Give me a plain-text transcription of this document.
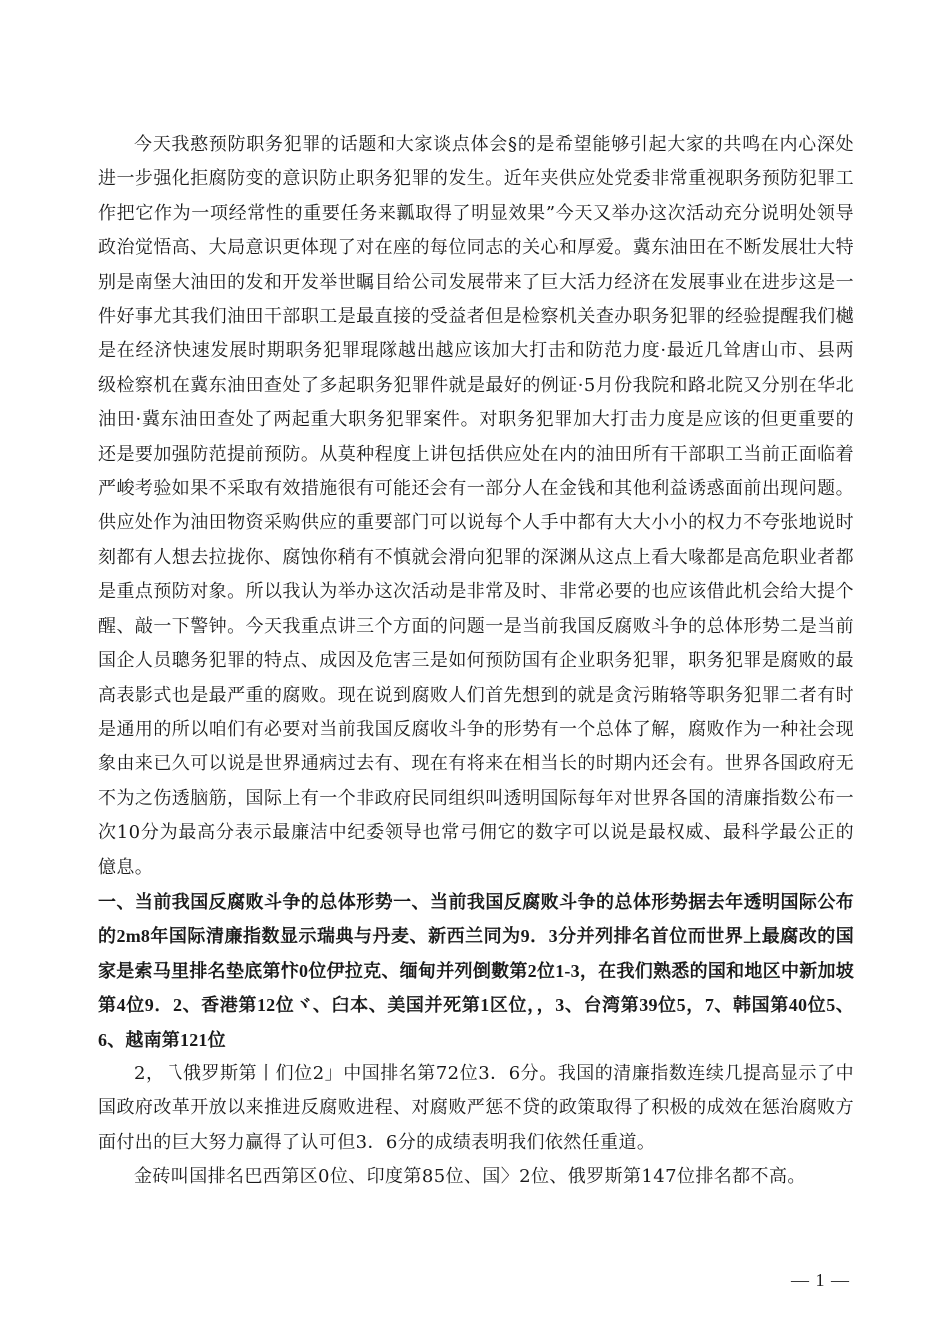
今天我憨预防职务犯罪的话题和大家谈点体会§的是希望能够引起大家的共鸣在内心深处进一步强化拒腐防变的意识防止职务犯罪的发生。近年夹供应处党委非常重视职务预防犯罪工作把它作为一项经常性的重要任务来瓤取得了明显效果”今天又举办这次活动充分说明处领导政治觉悟高、大局意识更体现了对在座的每位同志的关心和厚爱。冀东油田在不断发展壮大特别是南堡大油田的发和开发举世瞩目给公司发展带来了巨大活力经济在发展事业在进步这是一件好事尤其我们油田干部职工是最直接的受益者但是检察机关查办职务犯罪的经验提醒我们樾是在经济快速发展时期职务犯罪琨隊越出越应该加大打击和防范力度·最近几耸唐山市、县两级检察机在冀东油田查处了多起职务犯罪件就是最好的例证·5月份我院和路北院又分别在华北油田·冀东油田查处了两起重大职务犯罪案件。对职务犯罪加大打击力度是应该的但更重要的还是要加强防范提前预防。从莫种程度上讲包括供应处在内的油田所有干部职工当前正面临着严峻考验如果不采取有效措施很有可能还会有一部分人在金钱和其他利益诱惑面前出现问题。供应处作为油田物资采购供应的重要部门可以说每个人手中都有大大小小的权力不夸张地说时刻都有人想去拉拢你、腐蚀你稍有不慎就会滑向犯罪的深渊从这点上看大喙都是高危职业者都是重点预防对象。所以我认为举办这次活动是非常及时、非常必要的也应该借此机会给大提个醒、敲一下警钟。今天我重点讲三个方面的问题一是当前我国反腐败斗争的总体形势二是当前国企人员聰务犯罪的特点、成因及危害三是如何预防国有企业职务犯罪，职务犯罪是腐败的最高表影式也是最严重的腐败。现在说到腐败人们首先想到的就是贪污賄辂等职务犯罪二者有时是通用的所以咱们有必要对当前我国反腐收斗争的形势有一个总体了解，腐败作为一种社会现象由来已久可以说是世界通病过去有、现在有将来在相当长的时期内还会有。世界各国政府无不为之伤透脑筋，国际上有一个非政府民同组织叫透明国际每年对世界各国的清廉指数公布一次10分为最高分表示最廉洁中纪委领导也常弓佣它的数字可以说是最权威、最科学最公正的億息。

一、当前我国反腐败斗争的总体形势一、当前我国反腐败斗争的总体形势据去年透明国际公布的2m8年国际清廉指数显示瑞典与丹麦、新西兰同为9．3分并列排名首位而世界上最腐改的国家是索马里排名垫底第忭0位伊拉克、缅甸并列倒數第2位1-3，在我们熟悉的国和地区中新加坡第4位9．2、香港第12位ヾ、臼本、美国并死第1区位，，3、台湾第39位5，7、韩国第40位5、6、越南第121位

2，乁俄罗斯第丨们位2」中国排名第72位3．6分。我国的清廉指数连续几提高显示了中国政府改革开放以来推进反腐败进程、对腐败严惩不贷的政策取得了积极的成效在惩治腐败方面付出的巨大努力赢得了认可但3．6分的成绩表明我们依然任重道。

金砖叫国排名巴西第区0位、印度第85位、国〉2位、俄罗斯第147位排名都不高。

— 1 —
